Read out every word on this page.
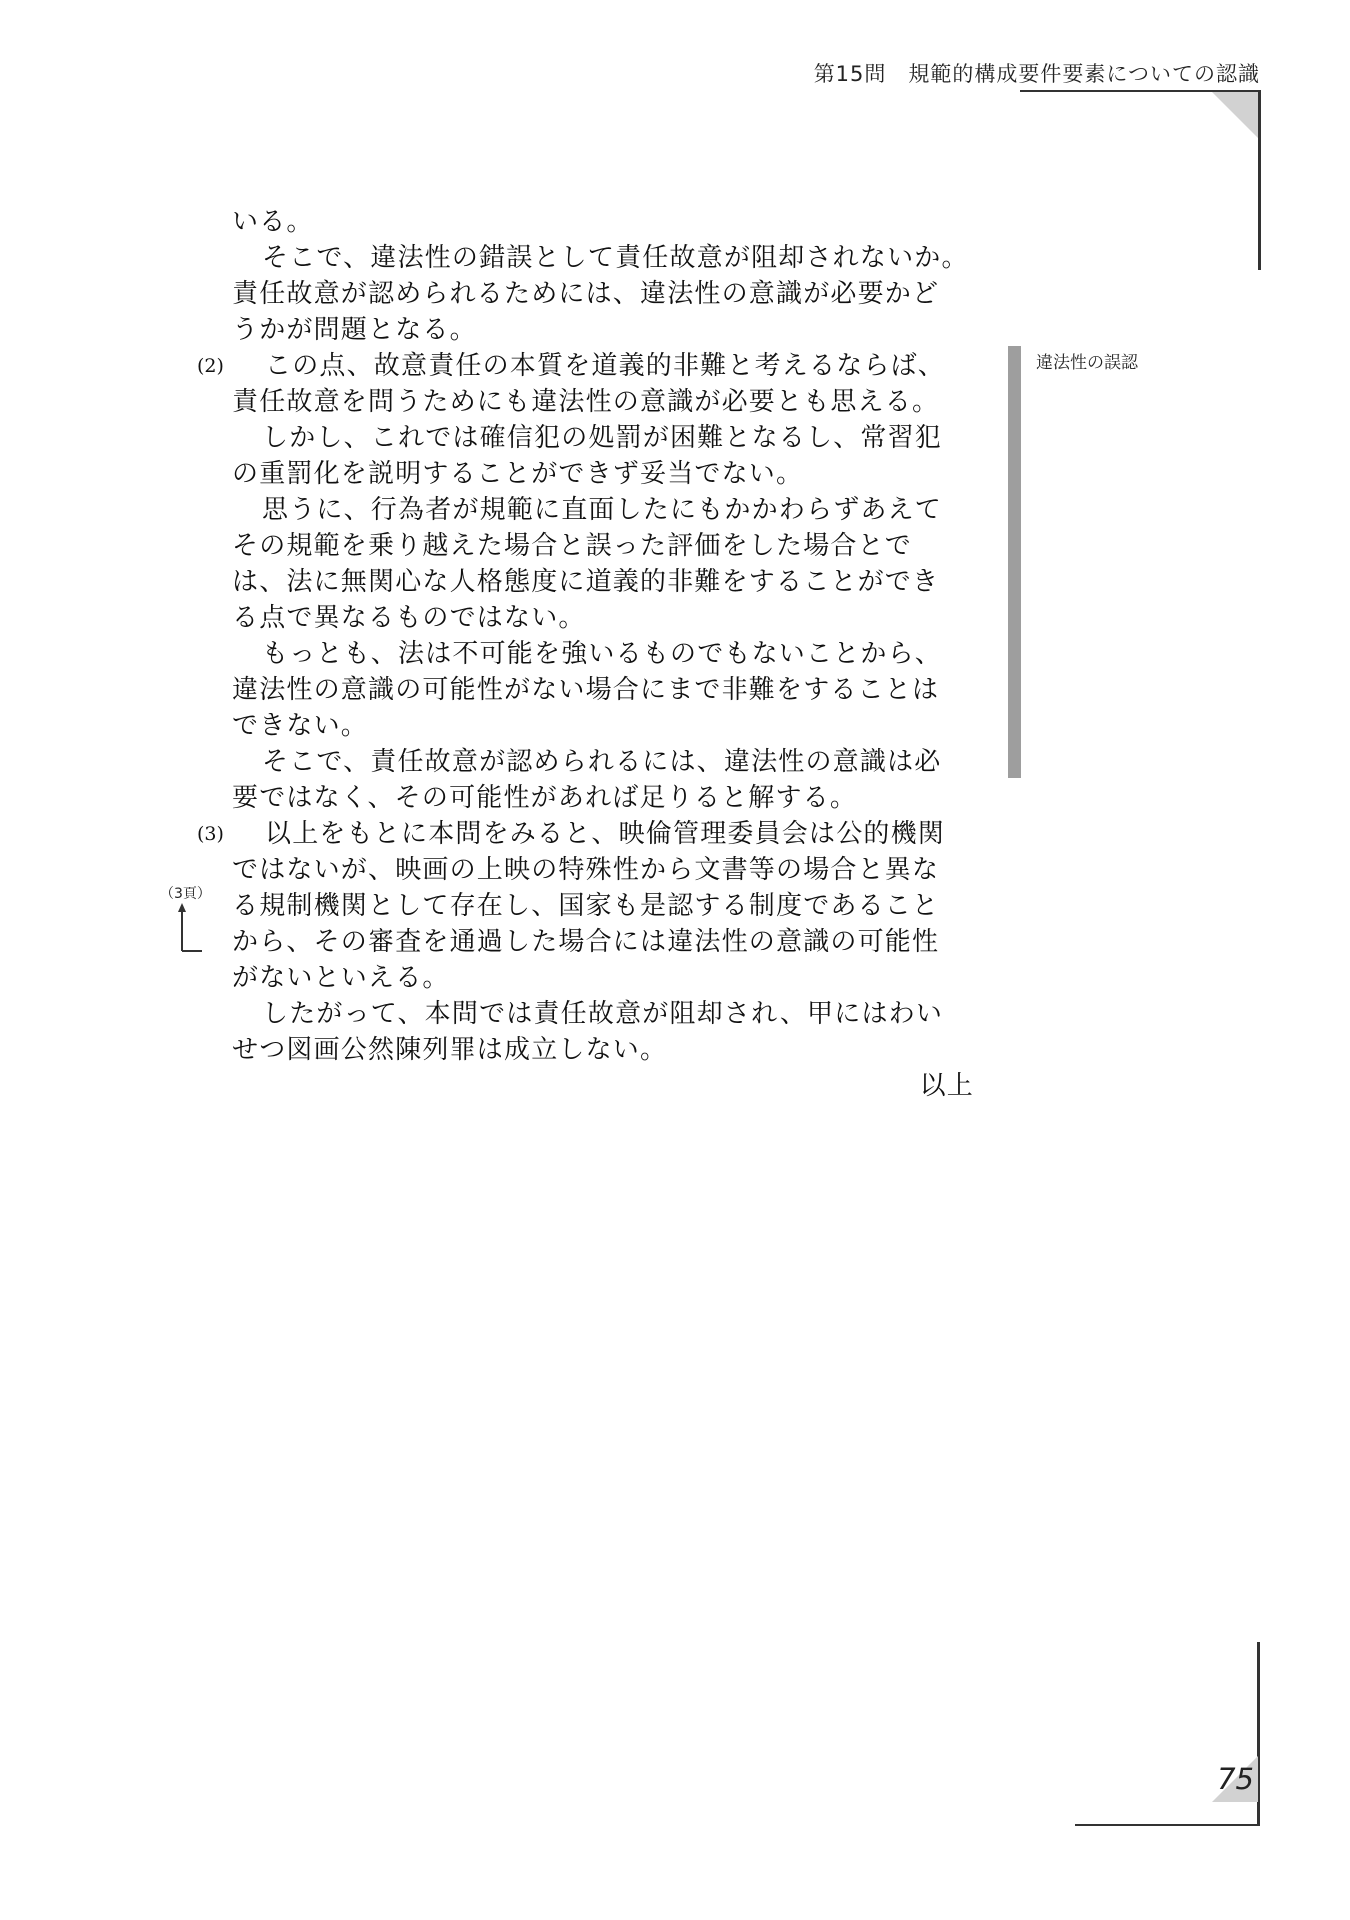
第15問　規範的構成要件要素についての認識
いる。
そこで、違法性の錯誤として責任故意が阻却されないか。
責任故意が認められるためには、違法性の意識が必要かど
うかが問題となる。
(2) この点、故意責任の本質を道義的非難と考えるならば、
責任故意を問うためにも違法性の意識が必要とも思える。
しかし、これでは確信犯の処罰が困難となるし、常習犯
の重罰化を説明することができず妥当でない。
思うに、行為者が規範に直面したにもかかわらずあえて
その規範を乗り越えた場合と誤った評価をした場合とで
は、法に無関心な人格態度に道義的非難をすることができ
る点で異なるものではない。
もっとも、法は不可能を強いるものでもないことから、
違法性の意識の可能性がない場合にまで非難をすることは
できない。
そこで、責任故意が認められるには、違法性の意識は必
要ではなく、その可能性があれば足りると解する。
(3) 以上をもとに本問をみると、映倫管理委員会は公的機関
ではないが、映画の上映の特殊性から文書等の場合と異な
る規制機関として存在し、国家も是認する制度であること
から、その審査を通過した場合には違法性の意識の可能性
がないといえる。
したがって、本問では責任故意が阻却され、甲にはわい
せつ図画公然陳列罪は成立しない。
以上
違法性の誤認
（3頁）
75
